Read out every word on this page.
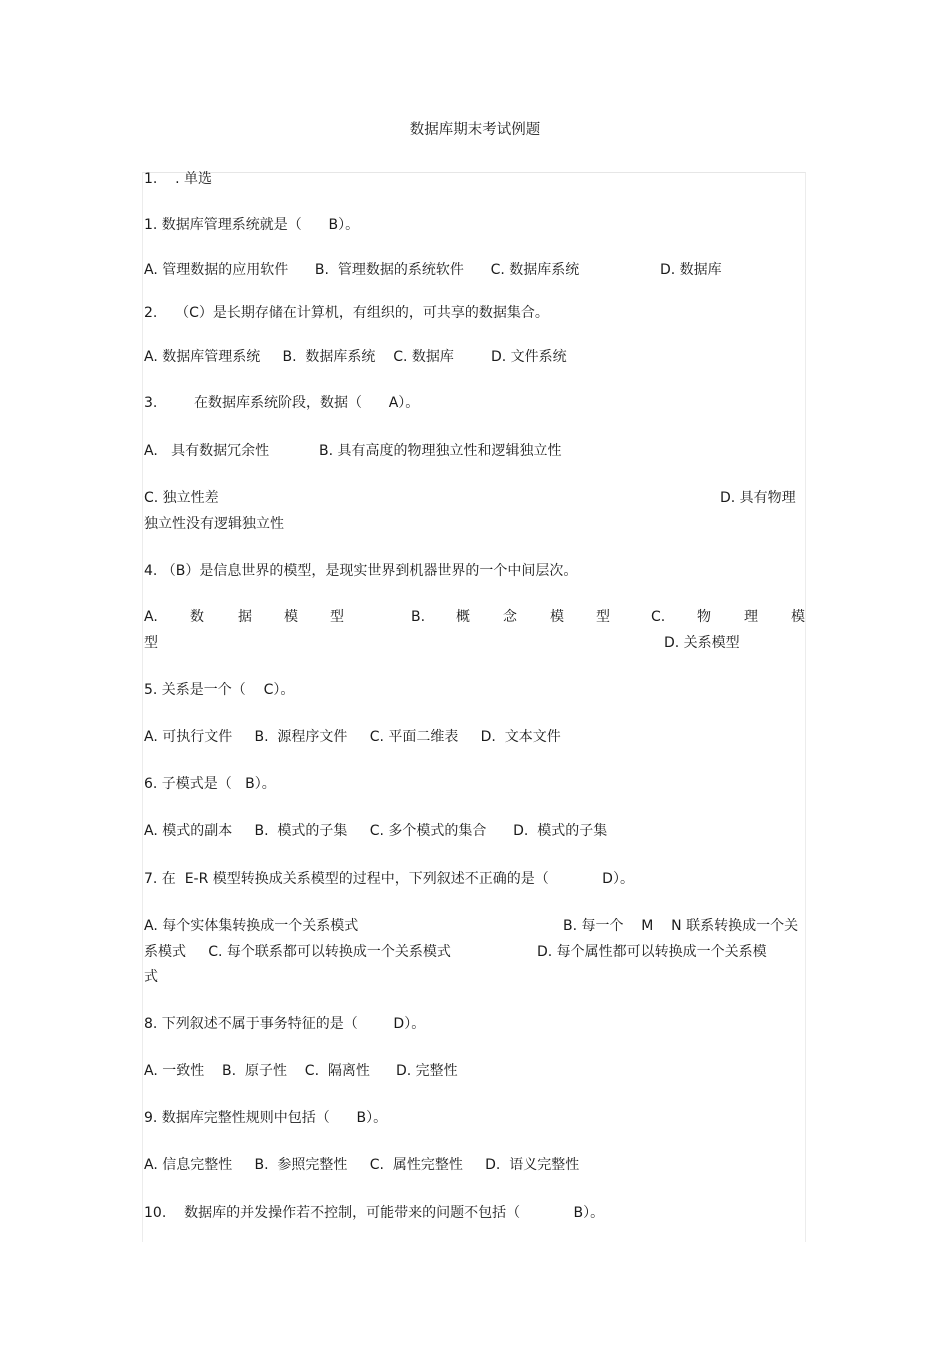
数据库期末考试例题
1.    . 单选
1. 数据库管理系统就是（      B）。
A. 管理数据的应用软件      B.  管理数据的系统软件      C. 数据库系统	D. 数据库
2.    （C）是长期存储在计算机，有组织的，可共享的数据集合。
A. 数据库管理系统     B.  数据库系统    C. 数据库	D. 文件系统
3.	在数据库系统阶段，数据（      A）。
A.   具有数据冗余性	B. 具有高度的物理独立性和逻辑独立性
C. 独立性差	D. 具有物理
独立性没有逻辑独立性
4. （B）是信息世界的模型，是现实世界到机器世界的一个中间层次。
A. 数 据 模 型	B. 概 念 模 型	C. 物 理 模
型	D. 关系模型
5. 关系是一个（    C）。
A. 可执行文件     B.  源程序文件     C. 平面二维表     D.  文本文件
6. 子模式是（   B）。
A. 模式的副本     B.  模式的子集     C. 多个模式的集合      D.  模式的子集
7. 在  E-R 模型转换成关系模型的过程中，下列叙述不正确的是（            D）。
A. 每个实体集转换成一个关系模式	B. 每一个    M    N 联系转换成一个关
系模式     C. 每个联系都可以转换成一个关系模式	D. 每个属性都可以转换成一个关系模
式
8. 下列叙述不属于事务特征的是（        D）。
A. 一致性    B.  原子性    C.  隔离性 D. 完整性
9. 数据库完整性规则中包括（      B）。
A. 信息完整性     B.  参照完整性     C.  属性完整性     D.  语义完整性
10.    数据库的并发操作若不控制，可能带来的问题不包括（            B）。
